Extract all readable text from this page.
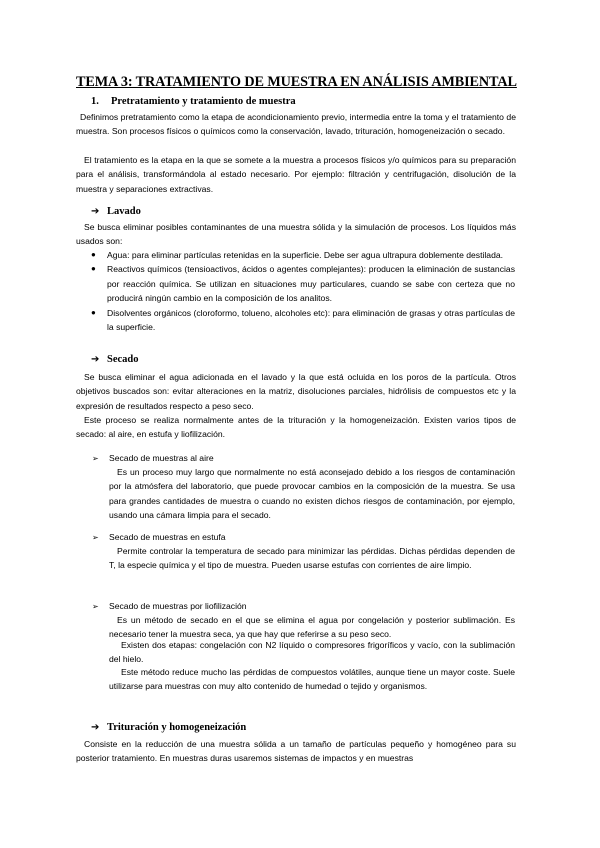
TEMA 3: TRATAMIENTO DE MUESTRA EN ANÁLISIS AMBIENTAL
1. Pretratamiento y tratamiento de muestra

Definimos pretratamiento como la etapa de acondicionamiento previo, intermedia entre la toma y el tratamiento de muestra. Son procesos físicos o químicos como la conservación, lavado, trituración, homogeneización o secado.

El tratamiento es la etapa en la que se somete a la muestra a procesos físicos y/o químicos para su preparación para el análisis, transformándola al estado necesario. Por ejemplo: filtración y centrifugación, disolución de la muestra y separaciones extractivas.

➔ Lavado

Se busca eliminar posibles contaminantes de una muestra sólida y la simulación de procesos. Los líquidos más usados son:

● Agua: para eliminar partículas retenidas en la superficie. Debe ser agua ultrapura doblemente destilada.
● Reactivos químicos (tensioactivos, ácidos o agentes complejantes): producen la eliminación de sustancias por reacción química. Se utilizan en situaciones muy particulares, cuando se sabe con certeza que no producirá ningún cambio en la composición de los analitos.
● Disolventes orgánicos (cloroformo, tolueno, alcoholes etc): para eliminación de grasas y otras partículas de la superficie.
➔ Secado

Se busca eliminar el agua adicionada en el lavado y la que está ocluida en los poros de la partícula. Otros objetivos buscados son: evitar alteraciones en la matriz, disoluciones parciales, hidrólisis de compuestos etc y la expresión de resultados respecto a peso seco.

Este proceso se realiza normalmente antes de la trituración y la homogeneización. Existen varios tipos de secado: al aire, en estufa y liofilización.

➢ Secado de muestras al aire

Es un proceso muy largo que normalmente no está aconsejado debido a los riesgos de contaminación por la atmósfera del laboratorio, que puede provocar cambios en la composición de la muestra. Se usa para grandes cantidades de muestra o cuando no existen dichos riesgos de contaminación, por ejemplo, usando una cámara limpia para el secado.

➢ Secado de muestras en estufa

Permite controlar la temperatura de secado para minimizar las pérdidas. Dichas pérdidas dependen de T, la especie química y el tipo de muestra. Pueden usarse estufas con corrientes de aire limpio.

➢ Secado de muestras por liofilización

Es un método de secado en el que se elimina el agua por congelación y posterior sublimación. Es necesario tener la muestra seca, ya que hay que referirse a su peso seco.

Existen dos etapas: congelación con N2 líquido o compresores frigoríficos y vacío, con la sublimación del hielo.

Este método reduce mucho las pérdidas de compuestos volátiles, aunque tiene un mayor coste. Suele utilizarse para muestras con muy alto contenido de humedad o tejido y organismos.

➔ Trituración y homogeneización

Consiste en la reducción de una muestra sólida a un tamaño de partículas pequeño y homogéneo para su posterior tratamiento. En muestras duras usaremos sistemas de impactos y en muestras
